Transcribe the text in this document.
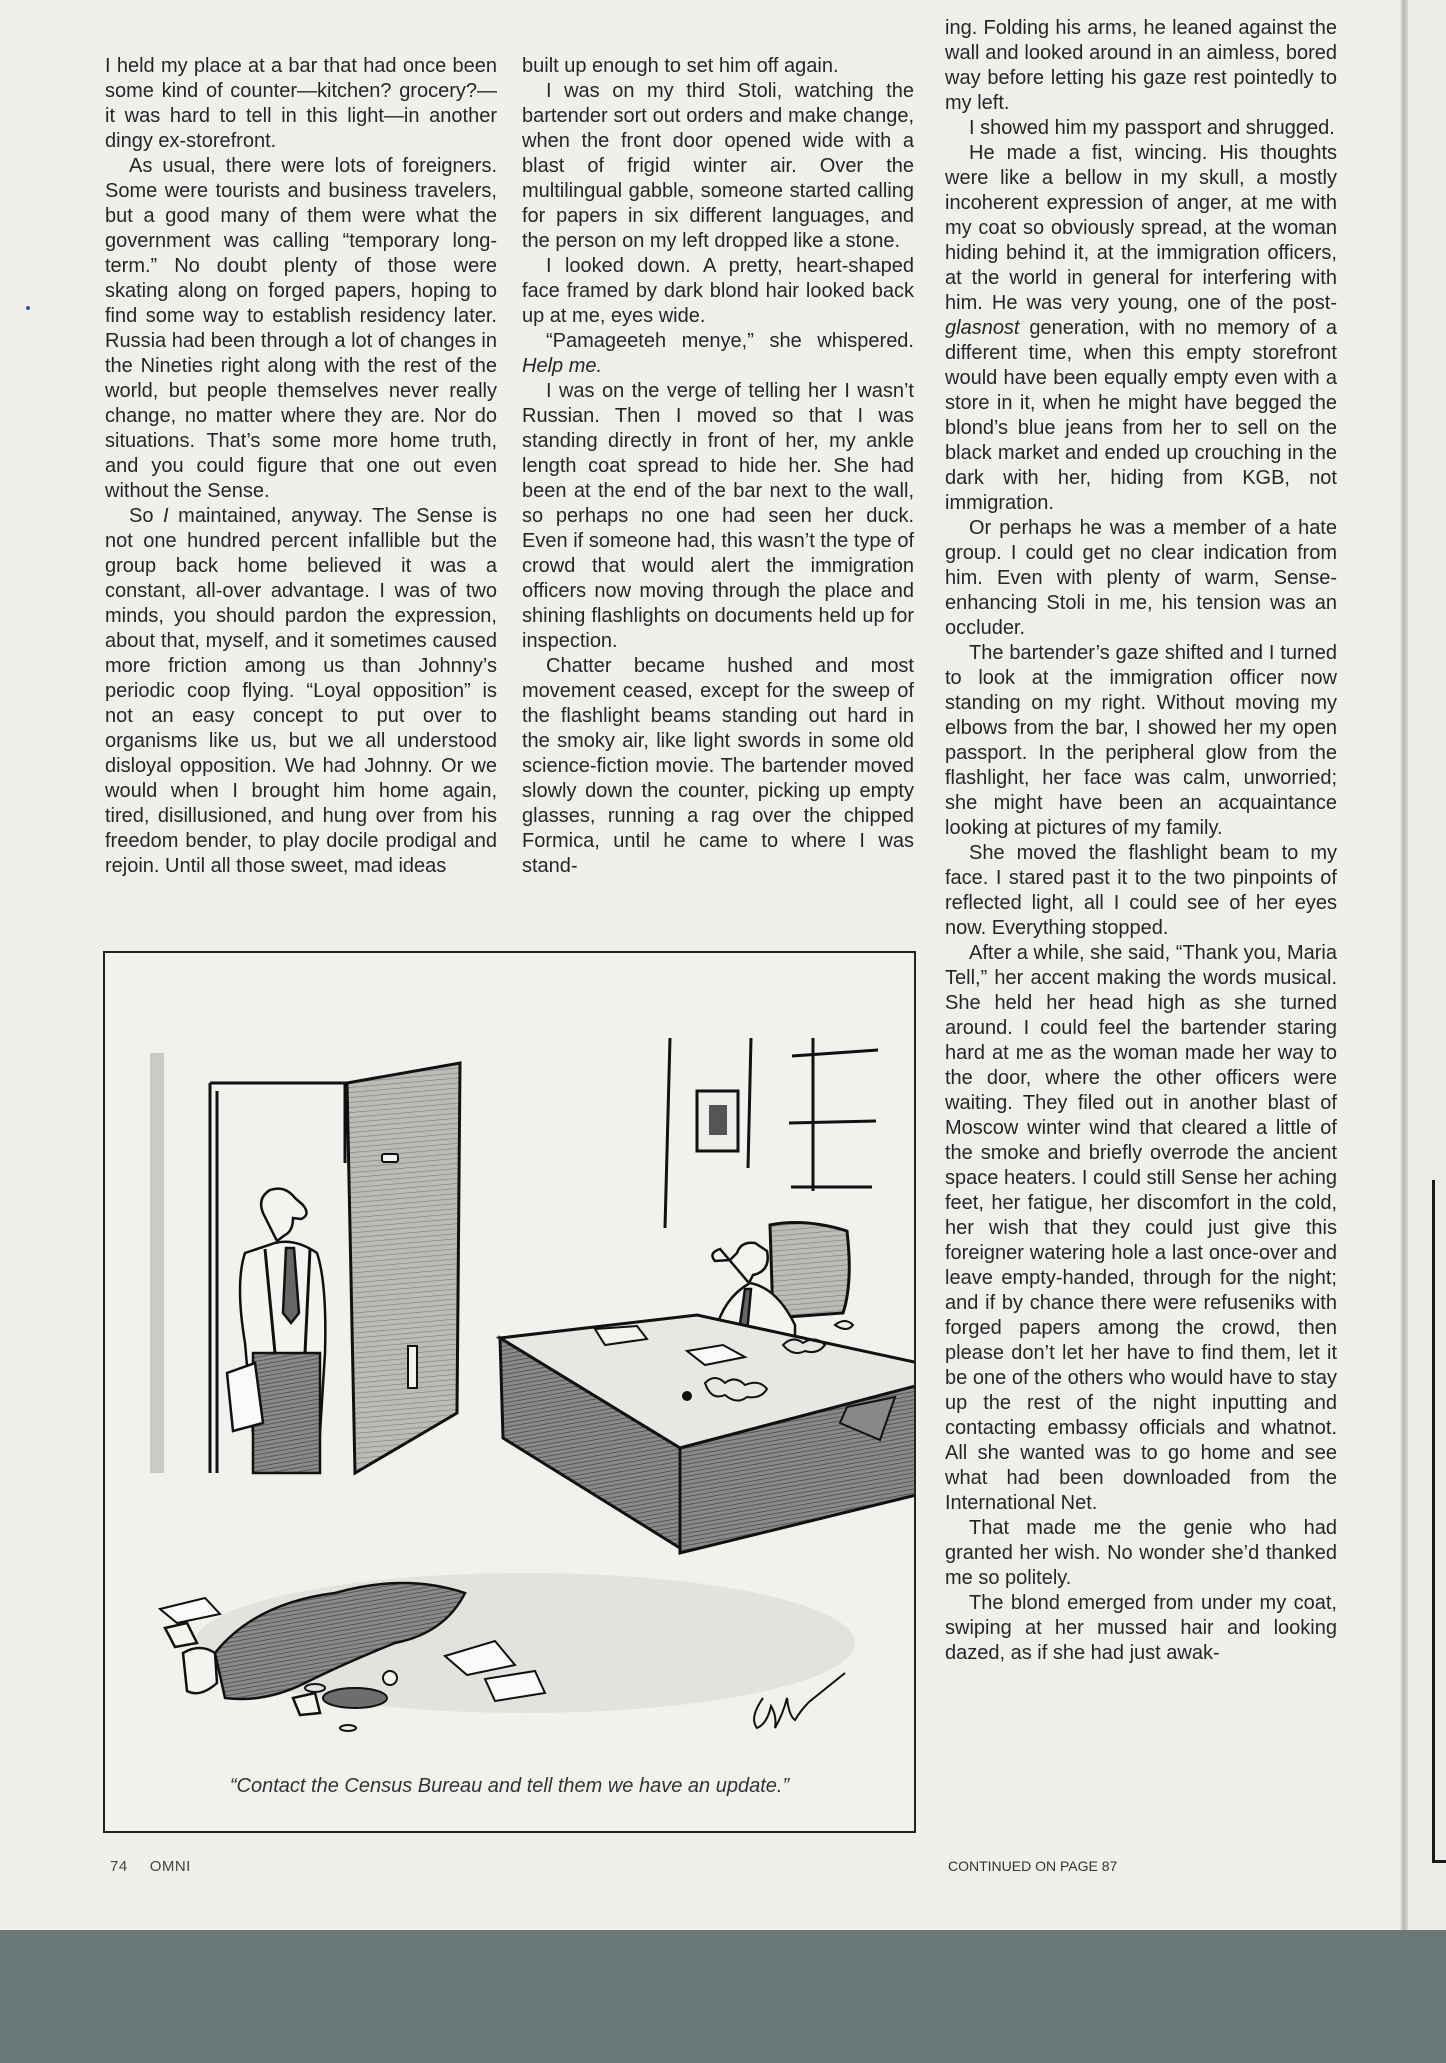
I held my place at a bar that had once been some kind of counter—kitchen? grocery?—it was hard to tell in this light—in another dingy ex-storefront.

As usual, there were lots of foreigners. Some were tourists and business travelers, but a good many of them were what the government was calling “temporary long-term.” No doubt plenty of those were skating along on forged papers, hoping to find some way to establish residency later. Russia had been through a lot of changes in the Nineties right along with the rest of the world, but people themselves never really change, no matter where they are. Nor do situations. That’s some more home truth, and you could figure that one out even without the Sense.

So I maintained, anyway. The Sense is not one hundred percent infallible but the group back home believed it was a constant, all-over advantage. I was of two minds, you should pardon the expression, about that, myself, and it sometimes caused more friction among us than Johnny’s periodic coop flying. “Loyal opposition” is not an easy concept to put over to organisms like us, but we all understood disloyal opposition. We had Johnny. Or we would when I brought him home again, tired, disillusioned, and hung over from his freedom bender, to play docile prodigal and rejoin. Until all those sweet, mad ideas

built up enough to set him off again.

I was on my third Stoli, watching the bartender sort out orders and make change, when the front door opened wide with a blast of frigid winter air. Over the multilingual gabble, someone started calling for papers in six different languages, and the person on my left dropped like a stone.

I looked down. A pretty, heart-shaped face framed by dark blond hair looked back up at me, eyes wide.

“Pamageeteh menye,” she whispered. Help me.

I was on the verge of telling her I wasn’t Russian. Then I moved so that I was standing directly in front of her, my ankle length coat spread to hide her. She had been at the end of the bar next to the wall, so perhaps no one had seen her duck. Even if someone had, this wasn’t the type of crowd that would alert the immigration officers now moving through the place and shining flashlights on documents held up for inspection.

Chatter became hushed and most movement ceased, except for the sweep of the flashlight beams standing out hard in the smoky air, like light swords in some old science-fiction movie. The bartender moved slowly down the counter, picking up empty glasses, running a rag over the chipped Formica, until he came to where I was stand-

ing. Folding his arms, he leaned against the wall and looked around in an aimless, bored way before letting his gaze rest pointedly to my left.

I showed him my passport and shrugged.

He made a fist, wincing. His thoughts were like a bellow in my skull, a mostly incoherent expression of anger, at me with my coat so obviously spread, at the woman hiding behind it, at the immigration officers, at the world in general for interfering with him. He was very young, one of the post-glasnost generation, with no memory of a different time, when this empty storefront would have been equally empty even with a store in it, when he might have begged the blond’s blue jeans from her to sell on the black market and ended up crouching in the dark with her, hiding from KGB, not immigration.

Or perhaps he was a member of a hate group. I could get no clear indication from him. Even with plenty of warm, Sense-enhancing Stoli in me, his tension was an occluder.

The bartender’s gaze shifted and I turned to look at the immigration officer now standing on my right. Without moving my elbows from the bar, I showed her my open passport. In the peripheral glow from the flashlight, her face was calm, unworried; she might have been an acquaintance looking at pictures of my family.

She moved the flashlight beam to my face. I stared past it to the two pinpoints of reflected light, all I could see of her eyes now. Everything stopped.

After a while, she said, “Thank you, Maria Tell,” her accent making the words musical. She held her head high as she turned around. I could feel the bartender staring hard at me as the woman made her way to the door, where the other officers were waiting. They filed out in another blast of Moscow winter wind that cleared a little of the smoke and briefly overrode the ancient space heaters. I could still Sense her aching feet, her fatigue, her discomfort in the cold, her wish that they could just give this foreigner watering hole a last once-over and leave empty-handed, through for the night; and if by chance there were refuseniks with forged papers among the crowd, then please don’t let her have to find them, let it be one of the others who would have to stay up the rest of the night inputting and contacting embassy officials and whatnot. All she wanted was to go home and see what had been downloaded from the International Net.

That made me the genie who had granted her wish. No wonder she’d thanked me so politely.

The blond emerged from under my coat, swiping at her mussed hair and looking dazed, as if she had just awak-

“Contact the Census Bureau and tell them we have an update.”
74 OMNI	CONTINUED ON PAGE 87
